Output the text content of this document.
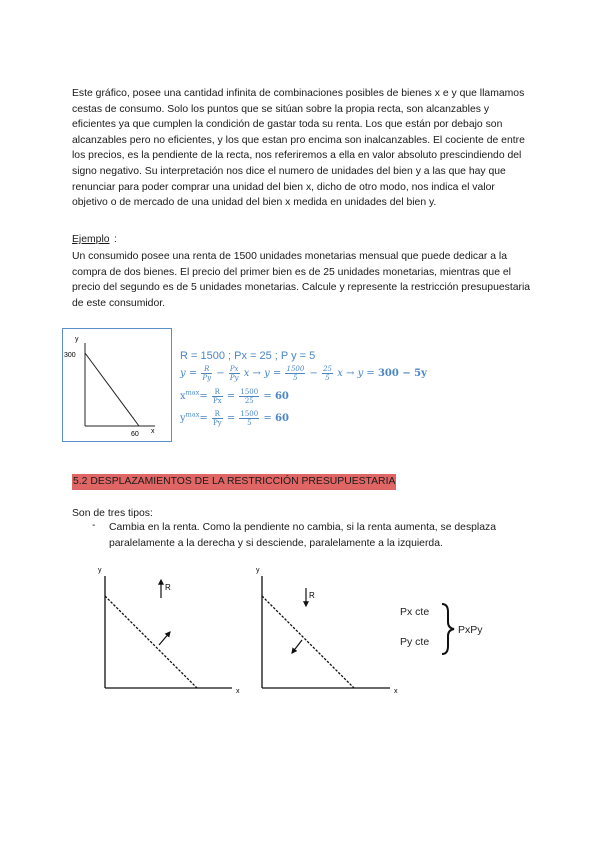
Este gráfico, posee una cantidad infinita de combinaciones posibles de bienes x e y que llamamos cestas de consumo. Solo los puntos que se sitúan sobre la propia recta, son alcanzables y eficientes ya que cumplen la condición de gastar toda su renta. Los que están por debajo son alcanzables pero no eficientes, y los que estan pro encima son inalcanzables. El cociente de entre los precios, es la pendiente de la recta, nos referiremos a ella en valor absoluto prescindiendo del signo negativo. Su interpretación nos dice el numero de unidades del bien y a las que hay que renunciar para poder comprar una unidad del bien x, dicho de otro modo, nos indica el valor objetivo o de mercado de una unidad del bien x medida en unidades del bien y.
Ejemplo :
Un consumido posee una renta de 1500 unidades monetarias mensual que puede dedicar a la compra de dos bienes. El precio del primer bien es de 25 unidades monetarias, mientras que el precio del segundo es de 5 unidades monetarias. Calcule y represente la restricción presupuestaria de este consumidor.
y
x
300
60
R = 1500 ; Px = 25 ; P y = 5
$y = \frac{R}{Py} - \frac{Px}{Py}$ $x \to y = \frac{1500}{5} - \frac{25}{5}$ x → y = 300 − 5y
$x^{max}= \frac{R}{Px} = \frac{1500}{25} = 60$
$y^{max}= \frac{R}{Py} = \frac{1500}{5} = 60$
5.2 DESPLAZAMIENTOS DE LA RESTRICCIÓN PRESUPUESTARIA
Son de tres tipos:
- Cambia en la renta. Como la pendiente no cambia, si la renta aumenta, se desplaza paralelamente a la derecha y si desciende, paralelamente a la izquierda.
R
y
x
R
y
x
Px cte
Py cte
PxPy
